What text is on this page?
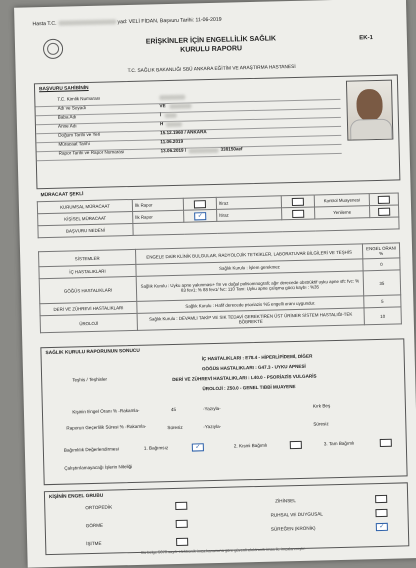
Hasta T.C.	yad: VELİ FİDAN, Başvuru Tarihi: 11-06-2019
ERİŞKİNLER İÇİN ENGELLİLİK SAĞLIK
KURULU RAPORU
EK-1
T.C. SAĞLIK BAKANLIĞI SBÜ ANKARA EĞİTİM VE ARAŞTIRMA HASTANESİ
BAŞVURU SAHİBİNİN
T.C. Kimlik Numarası
Adı ve Soyadı	VE
Baba Adı	İ
Anne Adı	H
Doğum Tarihi ve Yeri	15.12.1960 / ANKARA
Müracaat Tarihi	11.06.2019
Rapor Tarihi ve Rapor Numarası	13.06.2019 /	338150aef
MÜRACAAT ŞEKLİ
KURUMSAL MÜRACAAT	İlk Rapor		İtiraz		Kontrol Muayenesi	
KİŞİSEL MÜRACAAT	İlk Rapor	✓	İtiraz		Yenileme	
BAŞVURU NEDENİ						
SİSTEMLER	ENGELE DAİR KLİNİK BULGULAR, RADYOLOJİK TETKİKLER, LABORATUVAR BİLGİLERİ VE TEŞHİS	ENGEL ORANI %
İÇ HASTALIKLARI	Sağlık Kurulu : İşlem gerekmez	0
GÖĞÜS HASTALIKLARI	Sağlık Kurulu : Uyku apne yakınması+ fm ve doğal polisomnografi; ağır derecede obstrüktif uyku apne sft: fvc: % 83 fev1: % 88 fev1/ fvc: 110 Tanı: Uyku apne çalışma gücü kaybı : %35	35
DERİ VE ZÜHREVİ HASTALIKLARI	Sağlık Kurulu : Hafif derecede psoriazis %5 engelli oranı uygundur.	5
ÜROLOJİ	Sağlık Kurulu : DEVAMLI TAKİP VE SIK TEDAVİ GEREKTİREN ÜST ÜRİNER SİSTEM HASTALIĞI-TEK BÖBREKTE	10
SAĞLIK KURULU RAPORUNUN SONUCU
Teşhis / Teşhisler
İÇ HASTALIKLARI : E78.4 - HİPERLİPİDEMİ, DİĞER
GÖĞÜS HASTALIKLARI : G47.3 - UYKU APNESİ
DERİ VE ZÜHREVİ HASTALIKLARI : L40.0 - PSORİAZİS VULGARİS
ÜROLOJİ : Z50.0 - GENEL TIBBİ MUAYENE
Kişinin Engel Oranı % -Rakamla-	45	-Yazıyla-	Kırk Beş
Raporun Geçerlilik Süresi % -Rakamla-	Süresiz	-Yazıyla-	Süresiz
Bağımlılık Değerlendirmesi	1. Bağımsız ✓	2. Kısmi Bağımlı	3. Tam Bağımlı
Çalıştırılamayacağı İşlerin Niteliği
KİŞİNİN ENGEL GRUBU
ORTOPEDİK
ZİHİNSEL
RUHSAL VE DUYGUSAL
GÖRME
SÜREĞEN (KRONİK)
✓
İŞİTME
Bu belge 5070 sayılı elektronik imza kanununa göre güvenli elektronik imza ile imzalanmıştır.
